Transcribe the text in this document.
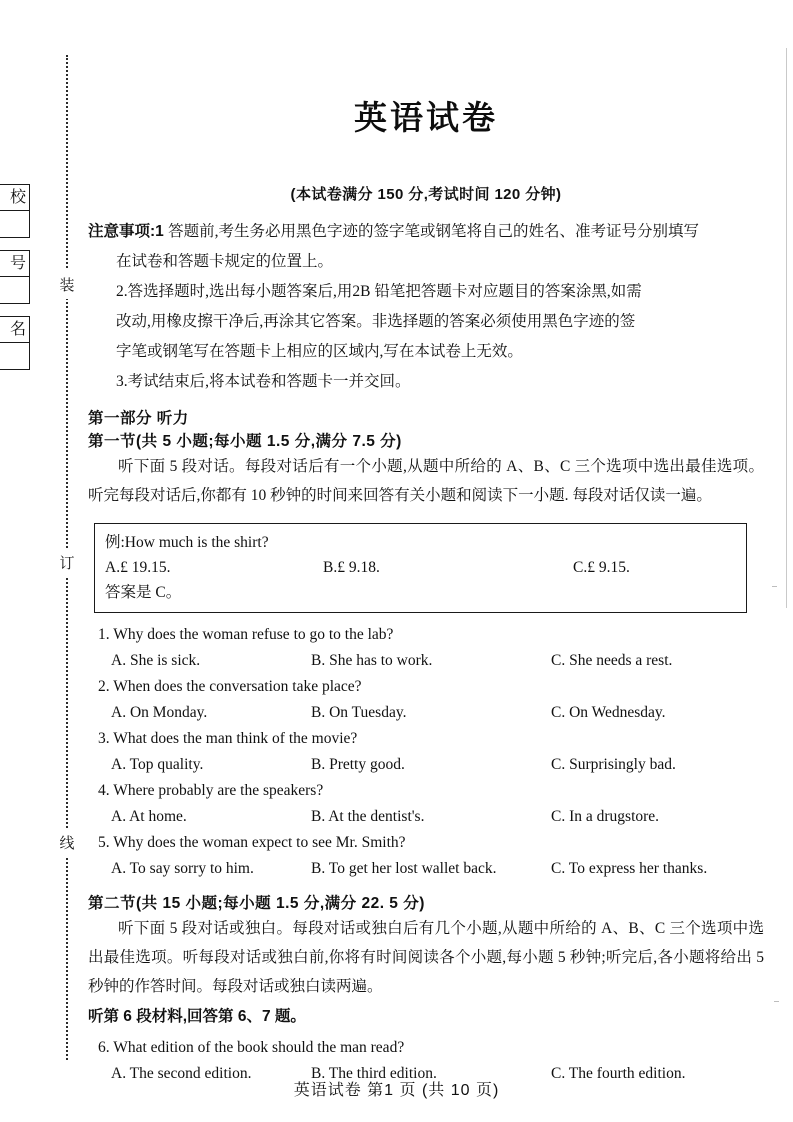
校
号
名
装
订
线
英语试卷
(本试卷满分 150 分,考试时间 120 分钟)
注意事项:1 答题前,考生务必用黑色字迹的签字笔或钢笔将自己的姓名、准考证号分别填写
在试卷和答题卡规定的位置上。
2.答选择题时,选出每小题答案后,用2B 铅笔把答题卡对应题目的答案涂黑,如需
改动,用橡皮擦干净后,再涂其它答案。非选择题的答案必须使用黑色字迹的签
字笔或钢笔写在答题卡上相应的区域内,写在本试卷上无效。
3.考试结束后,将本试卷和答题卡一并交回。
第一部分 听力
第一节(共 5 小题;每小题 1.5 分,满分 7.5 分)
听下面 5 段对话。每段对话后有一个小题,从题中所给的 A、B、C 三个选项中选出最佳选项。听完每段对话后,你都有 10 秒钟的时间来回答有关小题和阅读下一小题. 每段对话仅读一遍。
例:How much is the shirt?
A.£ 19.15.	B.£ 9.18.	C.£ 9.15.
答案是 C。
1. Why does the woman refuse to go to the lab?
A. She is sick.	B. She has to work.	C. She needs a rest.
2. When does the conversation take place?
A. On Monday.	B. On Tuesday.	C. On Wednesday.
3. What does the man think of the movie?
A. Top quality.	B. Pretty good.	C. Surprisingly bad.
4. Where probably are the speakers?
A. At home.	B. At the dentist's.	C. In a drugstore.
5. Why does the woman expect to see Mr. Smith?
A. To say sorry to him.	B. To get her lost wallet back.	C. To express her thanks.
第二节(共 15 小题;每小题 1.5 分,满分 22. 5 分)
听下面 5 段对话或独白。每段对话或独白后有几个小题,从题中所给的 A、B、C 三个选项中选出最佳选项。听每段对话或独白前,你将有时间阅读各个小题,每小题 5 秒钟;听完后,各小题将给出 5 秒钟的作答时间。每段对话或独白读两遍。
听第 6 段材料,回答第 6、7 题。
6. What edition of the book should the man read?
A. The second edition.	B. The third edition.	C. The fourth edition.
英语试卷 第1 页 (共 10 页)
